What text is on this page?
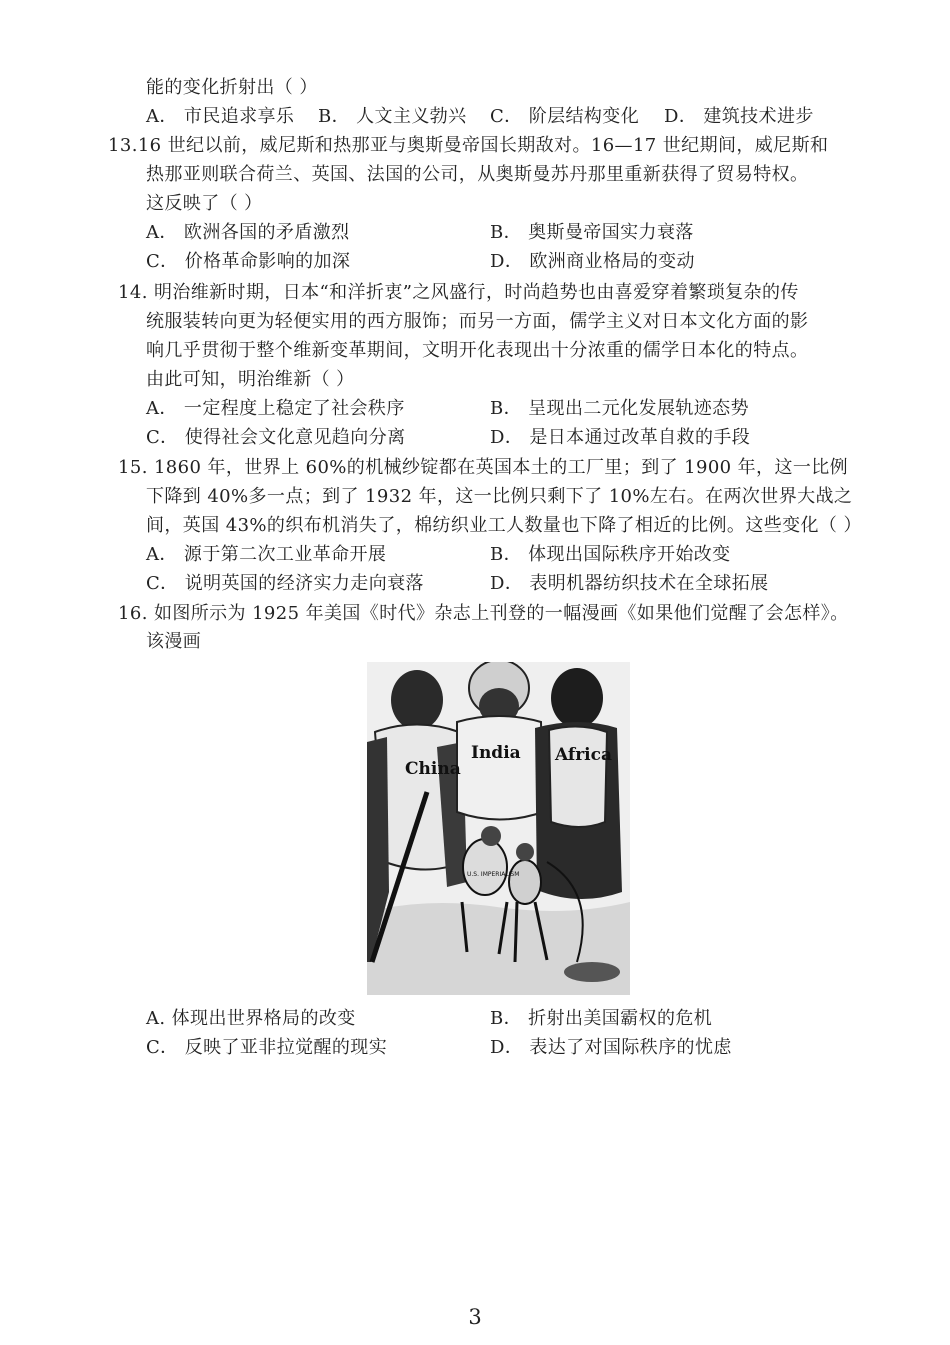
能的变化折射出（ ）
A． 市民追求享乐 B． 人文主义勃兴 C． 阶层结构变化 D． 建筑技术进步
13.16 世纪以前，威尼斯和热那亚与奥斯曼帝国长期敌对。16—17 世纪期间，威尼斯和
热那亚则联合荷兰、英国、法国的公司，从奥斯曼苏丹那里重新获得了贸易特权。
这反映了（ ）
A． 欧洲各国的矛盾激烈	B． 奥斯曼帝国实力衰落
C． 价格革命影响的加深	D． 欧洲商业格局的变动
14. 明治维新时期，日本“和洋折衷”之风盛行，时尚趋势也由喜爱穿着繁琐复杂的传
统服装转向更为轻便实用的西方服饰；而另一方面，儒学主义对日本文化方面的影
响几乎贯彻于整个维新变革期间，文明开化表现出十分浓重的儒学日本化的特点。
由此可知，明治维新（ ）
A． 一定程度上稳定了社会秩序	B． 呈现出二元化发展轨迹态势
C． 使得社会文化意见趋向分离	D． 是日本通过改革自救的手段
15. 1860 年，世界上 60%的机械纱锭都在英国本土的工厂里；到了 1900 年，这一比例
下降到 40%多一点；到了 1932 年，这一比例只剩下了 10%左右。在两次世界大战之
间，英国 43%的织布机消失了，棉纺织业工人数量也下降了相近的比例。这些变化（ ）
A． 源于第二次工业革命开展	B． 体现出国际秩序开始改变
C． 说明英国的经济实力走向衰落	D． 表明机器纺织技术在全球拓展
16. 如图所示为 1925 年美国《时代》杂志上刊登的一幅漫画《如果他们觉醒了会怎样》。
该漫画
China
India Africa
U.S. IMPERIALISM
A. 体现出世界格局的改变	B． 折射出美国霸权的危机
C． 反映了亚非拉觉醒的现实	D． 表达了对国际秩序的忧虑
3
